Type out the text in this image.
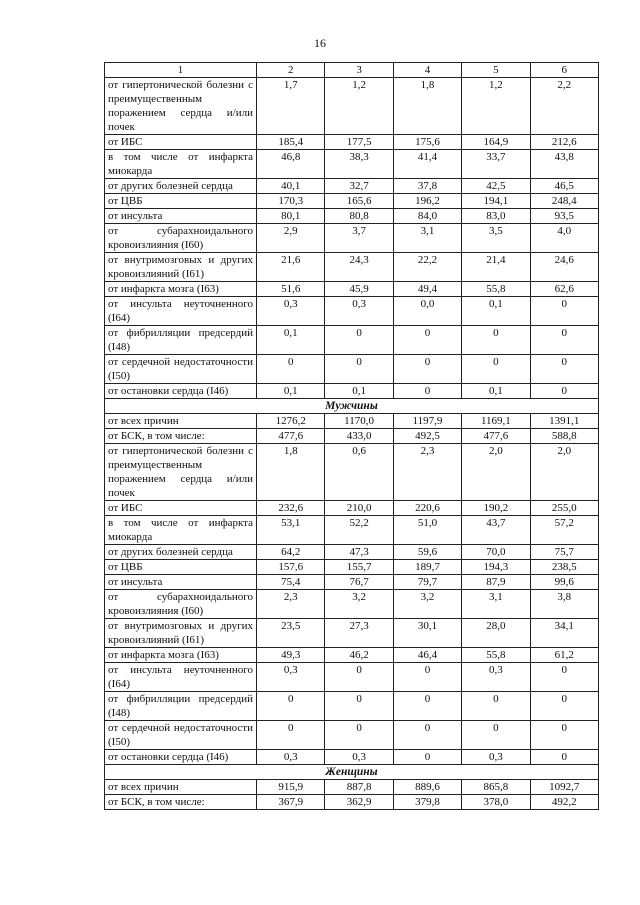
16
1	2	3	4	5	6
от гипертонической болезни с преимущественным поражением сердца и/или почек	1,7	1,2	1,8	1,2	2,2
от ИБС	185,4	177,5	175,6	164,9	212,6
в том числе от инфаркта миокарда	46,8	38,3	41,4	33,7	43,8
от других болезней сердца	40,1	32,7	37,8	42,5	46,5
от ЦВБ	170,3	165,6	196,2	194,1	248,4
от инсульта	80,1	80,8	84,0	83,0	93,5
от субарахноидального кровоизлияния (I60)	2,9	3,7	3,1	3,5	4,0
от внутримозговых и других кровоизлияний (I61)	21,6	24,3	22,2	21,4	24,6
от инфаркта мозга (I63)	51,6	45,9	49,4	55,8	62,6
от инсульта неуточненного (I64)	0,3	0,3	0,0	0,1	0
от фибрилляции предсердий (I48)	0,1	0	0	0	0
от сердечной недостаточности (I50)	0	0	0	0	0
от остановки сердца (I46)	0,1	0,1	0	0,1	0
Мужчины					
от всех причин	1276,2	1170,0	1197,9	1169,1	1391,1
от БСК, в том числе:	477,6	433,0	492,5	477,6	588,8
от гипертонической болезни с преимущественным поражением сердца и/или почек	1,8	0,6	2,3	2,0	2,0
от ИБС	232,6	210,0	220,6	190,2	255,0
в том числе от инфаркта миокарда	53,1	52,2	51,0	43,7	57,2
от других болезней сердца	64,2	47,3	59,6	70,0	75,7
от ЦВБ	157,6	155,7	189,7	194,3	238,5
от инсульта	75,4	76,7	79,7	87,9	99,6
от субарахноидального кровоизлияния (I60)	2,3	3,2	3,2	3,1	3,8
от внутримозговых и других кровоизлияний (I61)	23,5	27,3	30,1	28,0	34,1
от инфаркта мозга (I63)	49,3	46,2	46,4	55,8	61,2
от инсульта неуточненного (I64)	0,3	0	0	0,3	0
от фибрилляции предсердий (I48)	0	0	0	0	0
от сердечной недостаточности (I50)	0	0	0	0	0
от остановки сердца (I46)	0,3	0,3	0	0,3	0
Женщины					
от всех причин	915,9	887,8	889,6	865,8	1092,7
от БСК, в том числе:	367,9	362,9	379,8	378,0	492,2
